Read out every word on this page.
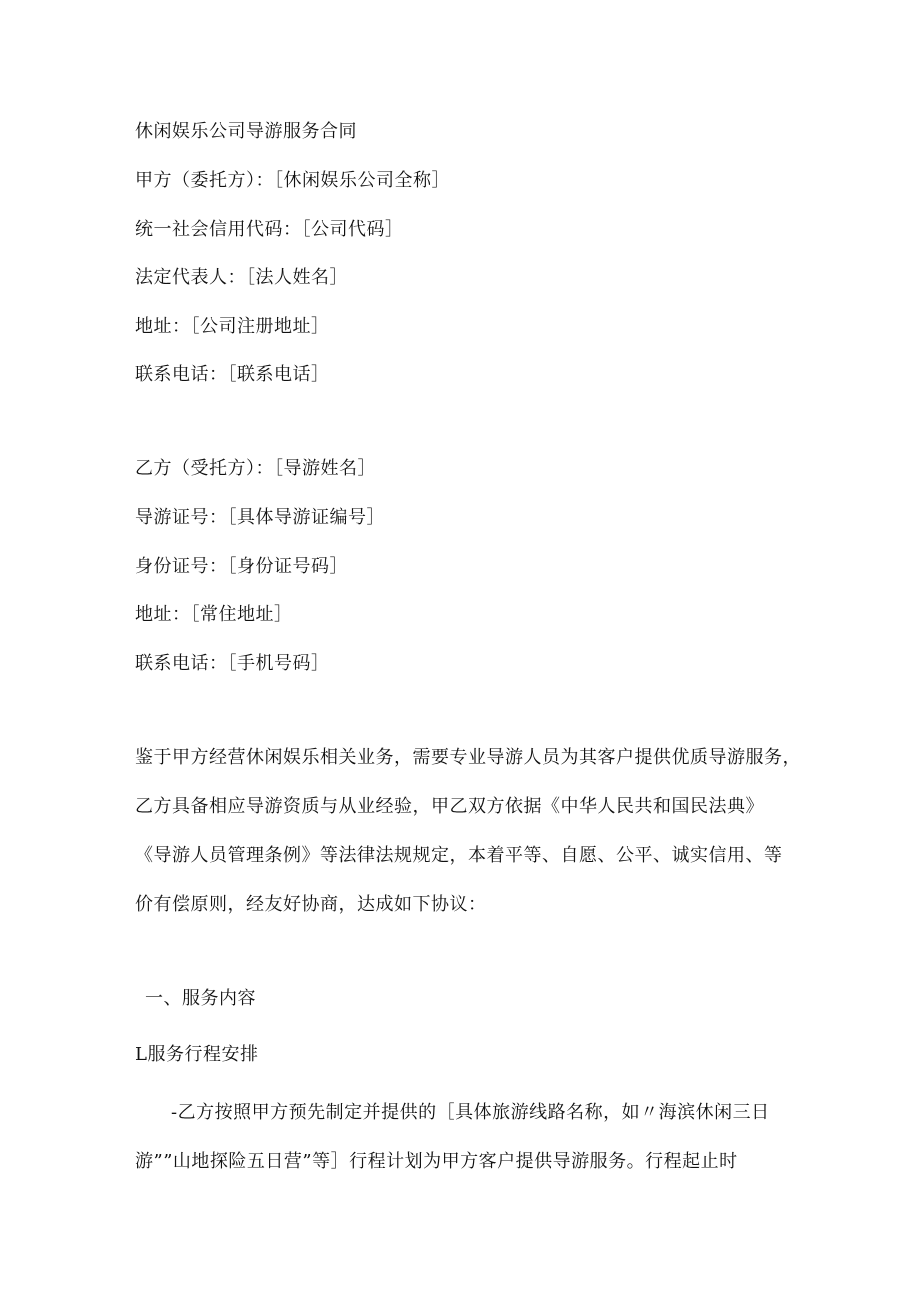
休闲娱乐公司导游服务合同
甲方（委托方）：［休闲娱乐公司全称］
统一社会信用代码：［公司代码］
法定代表人：［法人姓名］
地址：［公司注册地址］
联系电话：［联系电话］
乙方（受托方）：［导游姓名］
导游证号：［具体导游证编号］
身份证号：［身份证号码］
地址：［常住地址］
联系电话：［手机号码］

鉴于甲方经营休闲娱乐相关业务，需要专业导游人员为其客户提供优质导游服务，

乙方具备相应导游资质与从业经验，甲乙双方依据《中华人民共和国民法典》

《导游人员管理条例》等法律法规规定，本着平等、自愿、公平、诚实信用、等

价有偿原则，经友好协商，达成如下协议：

一、服务内容
L服务行程安排

-乙方按照甲方预先制定并提供的［具体旅游线路名称，如〃海滨休闲三日

游””山地探险五日营”等］行程计划为甲方客户提供导游服务。行程起止时
